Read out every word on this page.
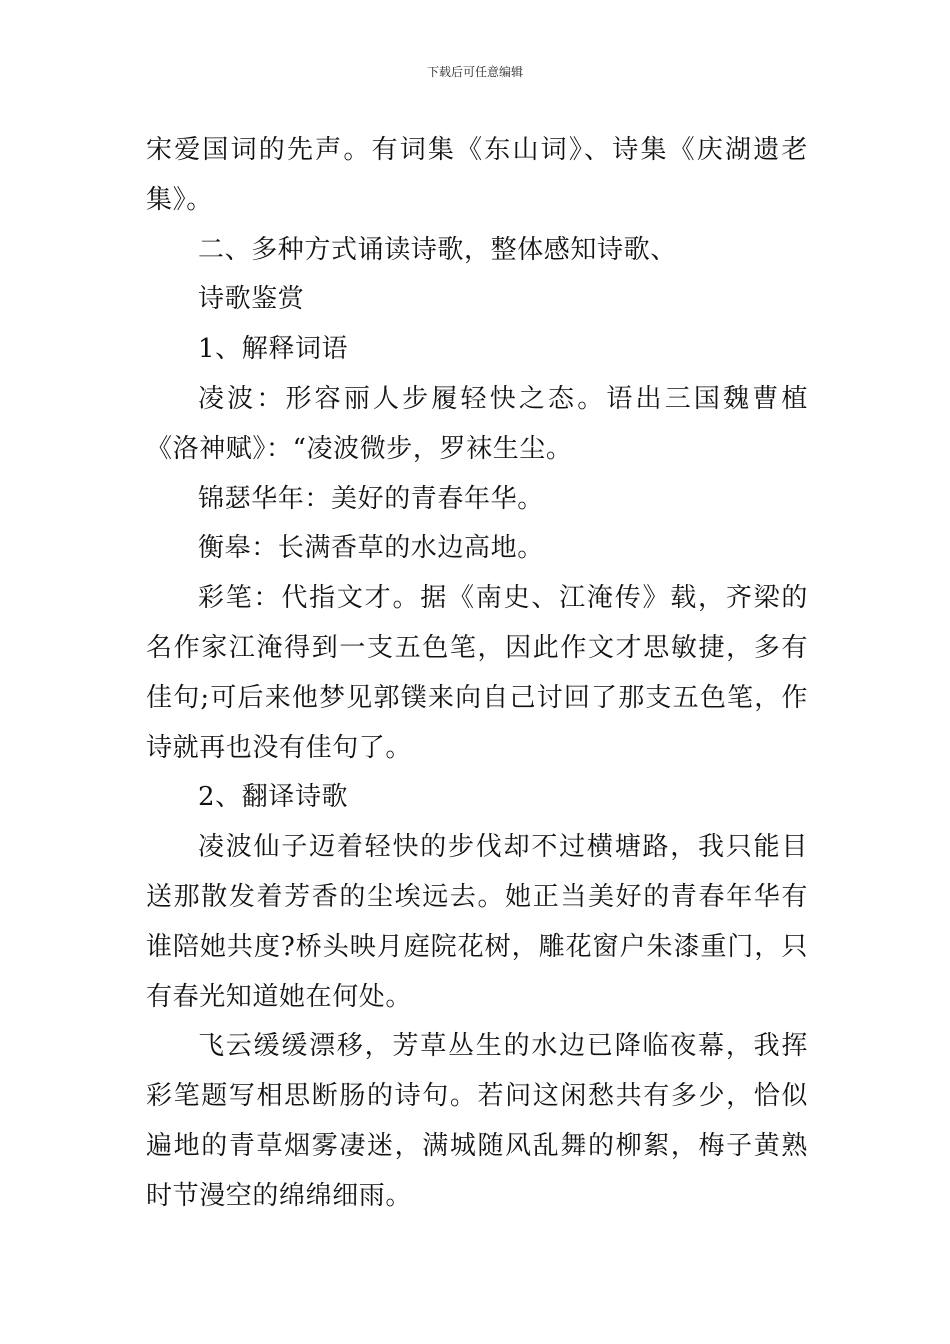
下载后可任意编辑

宋爱国词的先声。有词集《东山词》、诗集《庆湖遗老集》。

二、多种方式诵读诗歌，整体感知诗歌、

诗歌鉴赏

1、解释词语

凌波：形容丽人步履轻快之态。语出三国魏曹植《洛神赋》：“凌波微步，罗袜生尘。

锦瑟华年：美好的青春年华。

衡皋：长满香草的水边高地。

彩笔：代指文才。据《南史、江淹传》载，齐梁的名作家江淹得到一支五色笔，因此作文才思敏捷，多有佳句;可后来他梦见郭镤来向自己讨回了那支五色笔，作诗就再也没有佳句了。

2、翻译诗歌

凌波仙子迈着轻快的步伐却不过横塘路，我只能目送那散发着芳香的尘埃远去。她正当美好的青春年华有谁陪她共度?桥头映月庭院花树，雕花窗户朱漆重门，只有春光知道她在何处。

飞云缓缓漂移，芳草丛生的水边已降临夜幕，我挥彩笔题写相思断肠的诗句。若问这闲愁共有多少，恰似遍地的青草烟雾凄迷，满城随风乱舞的柳絮，梅子黄熟时节漫空的绵绵细雨。
